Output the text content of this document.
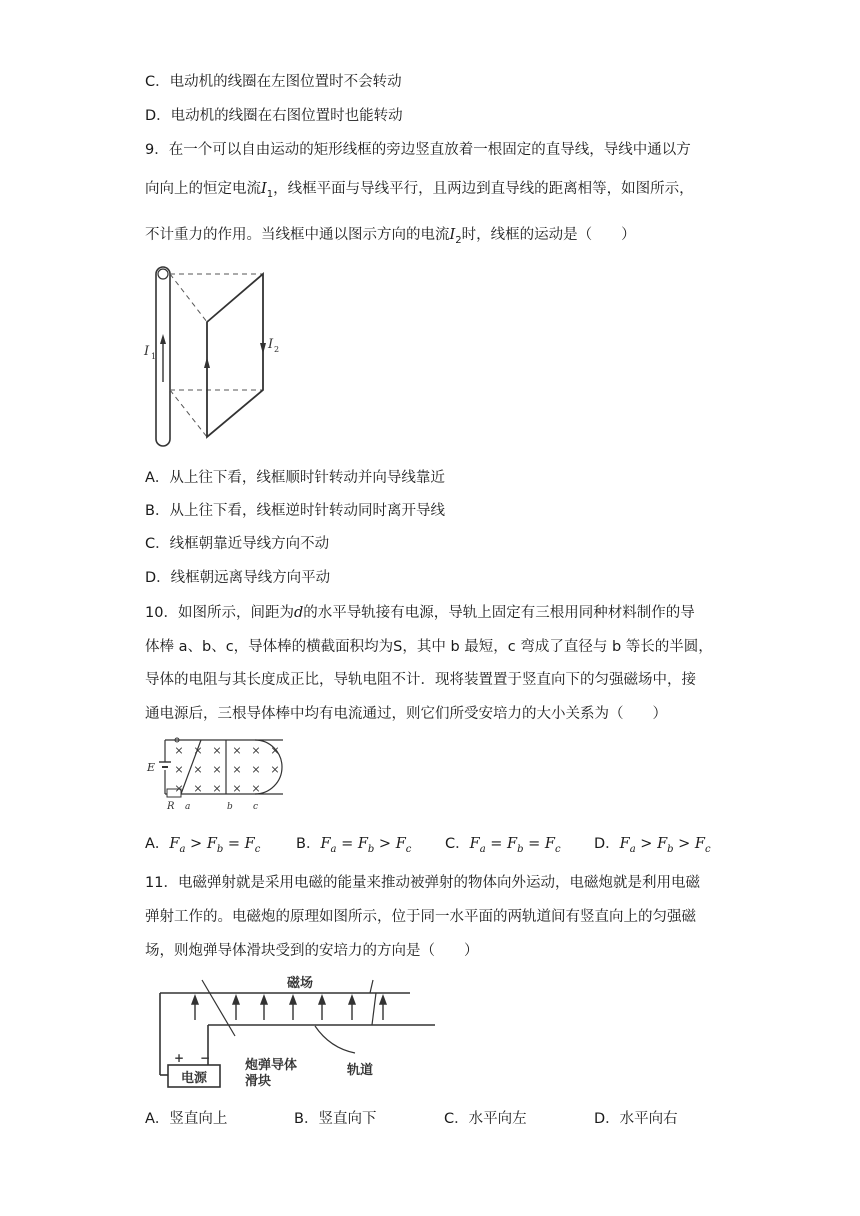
C．电动机的线圈在左图位置时不会转动
D．电动机的线圈在右图位置时也能转动
9．在一个可以自由运动的矩形线框的旁边竖直放着一根固定的直导线，导线中通以方
向向上的恒定电流$I_1$，线框平面与导线平行，且两边到直导线的距离相等，如图所示，
不计重力的作用。当线框中通以图示方向的电流$I_2$时，线框的运动是（　　）
I 1
I 2
A．从上往下看，线框顺时针转动并向导线靠近
B．从上往下看，线框逆时针转动同时离开导线
C．线框朝靠近导线方向不动
D．线框朝远离导线方向平动
10．如图所示，间距为d的水平导轨接有电源，导轨上固定有三根用同种材料制作的导
体棒 a、b、c，导体棒的横截面积均为S，其中 b 最短，c 弯成了直径与 b 等长的半圆，
导体的电阻与其长度成正比，导轨电阻不计．现将装置置于竖直向下的匀强磁场中，接
通电源后，三根导体棒中均有电流通过，则它们所受安培力的大小关系为（　　）
E
R a	b c
× × × × × ×
× × × × × ×
× × × × ×
A．$F_a > F_b = F_c$ B．$F_a = F_b > F_c$ C．$F_a = F_b = F_c$ D．$F_a > F_b > F_c$
11．电磁弹射就是采用电磁的能量来推动被弹射的物体向外运动，电磁炮就是利用电磁
弹射工作的。电磁炮的原理如图所示，位于同一水平面的两轨道间有竖直向上的匀强磁
场，则炮弹导体滑块受到的安培力的方向是（　　）
电源
+ −
磁场
炮弹导体
滑块
轨道
A．竖直向上	B．竖直向下	C．水平向左	D．水平向右
